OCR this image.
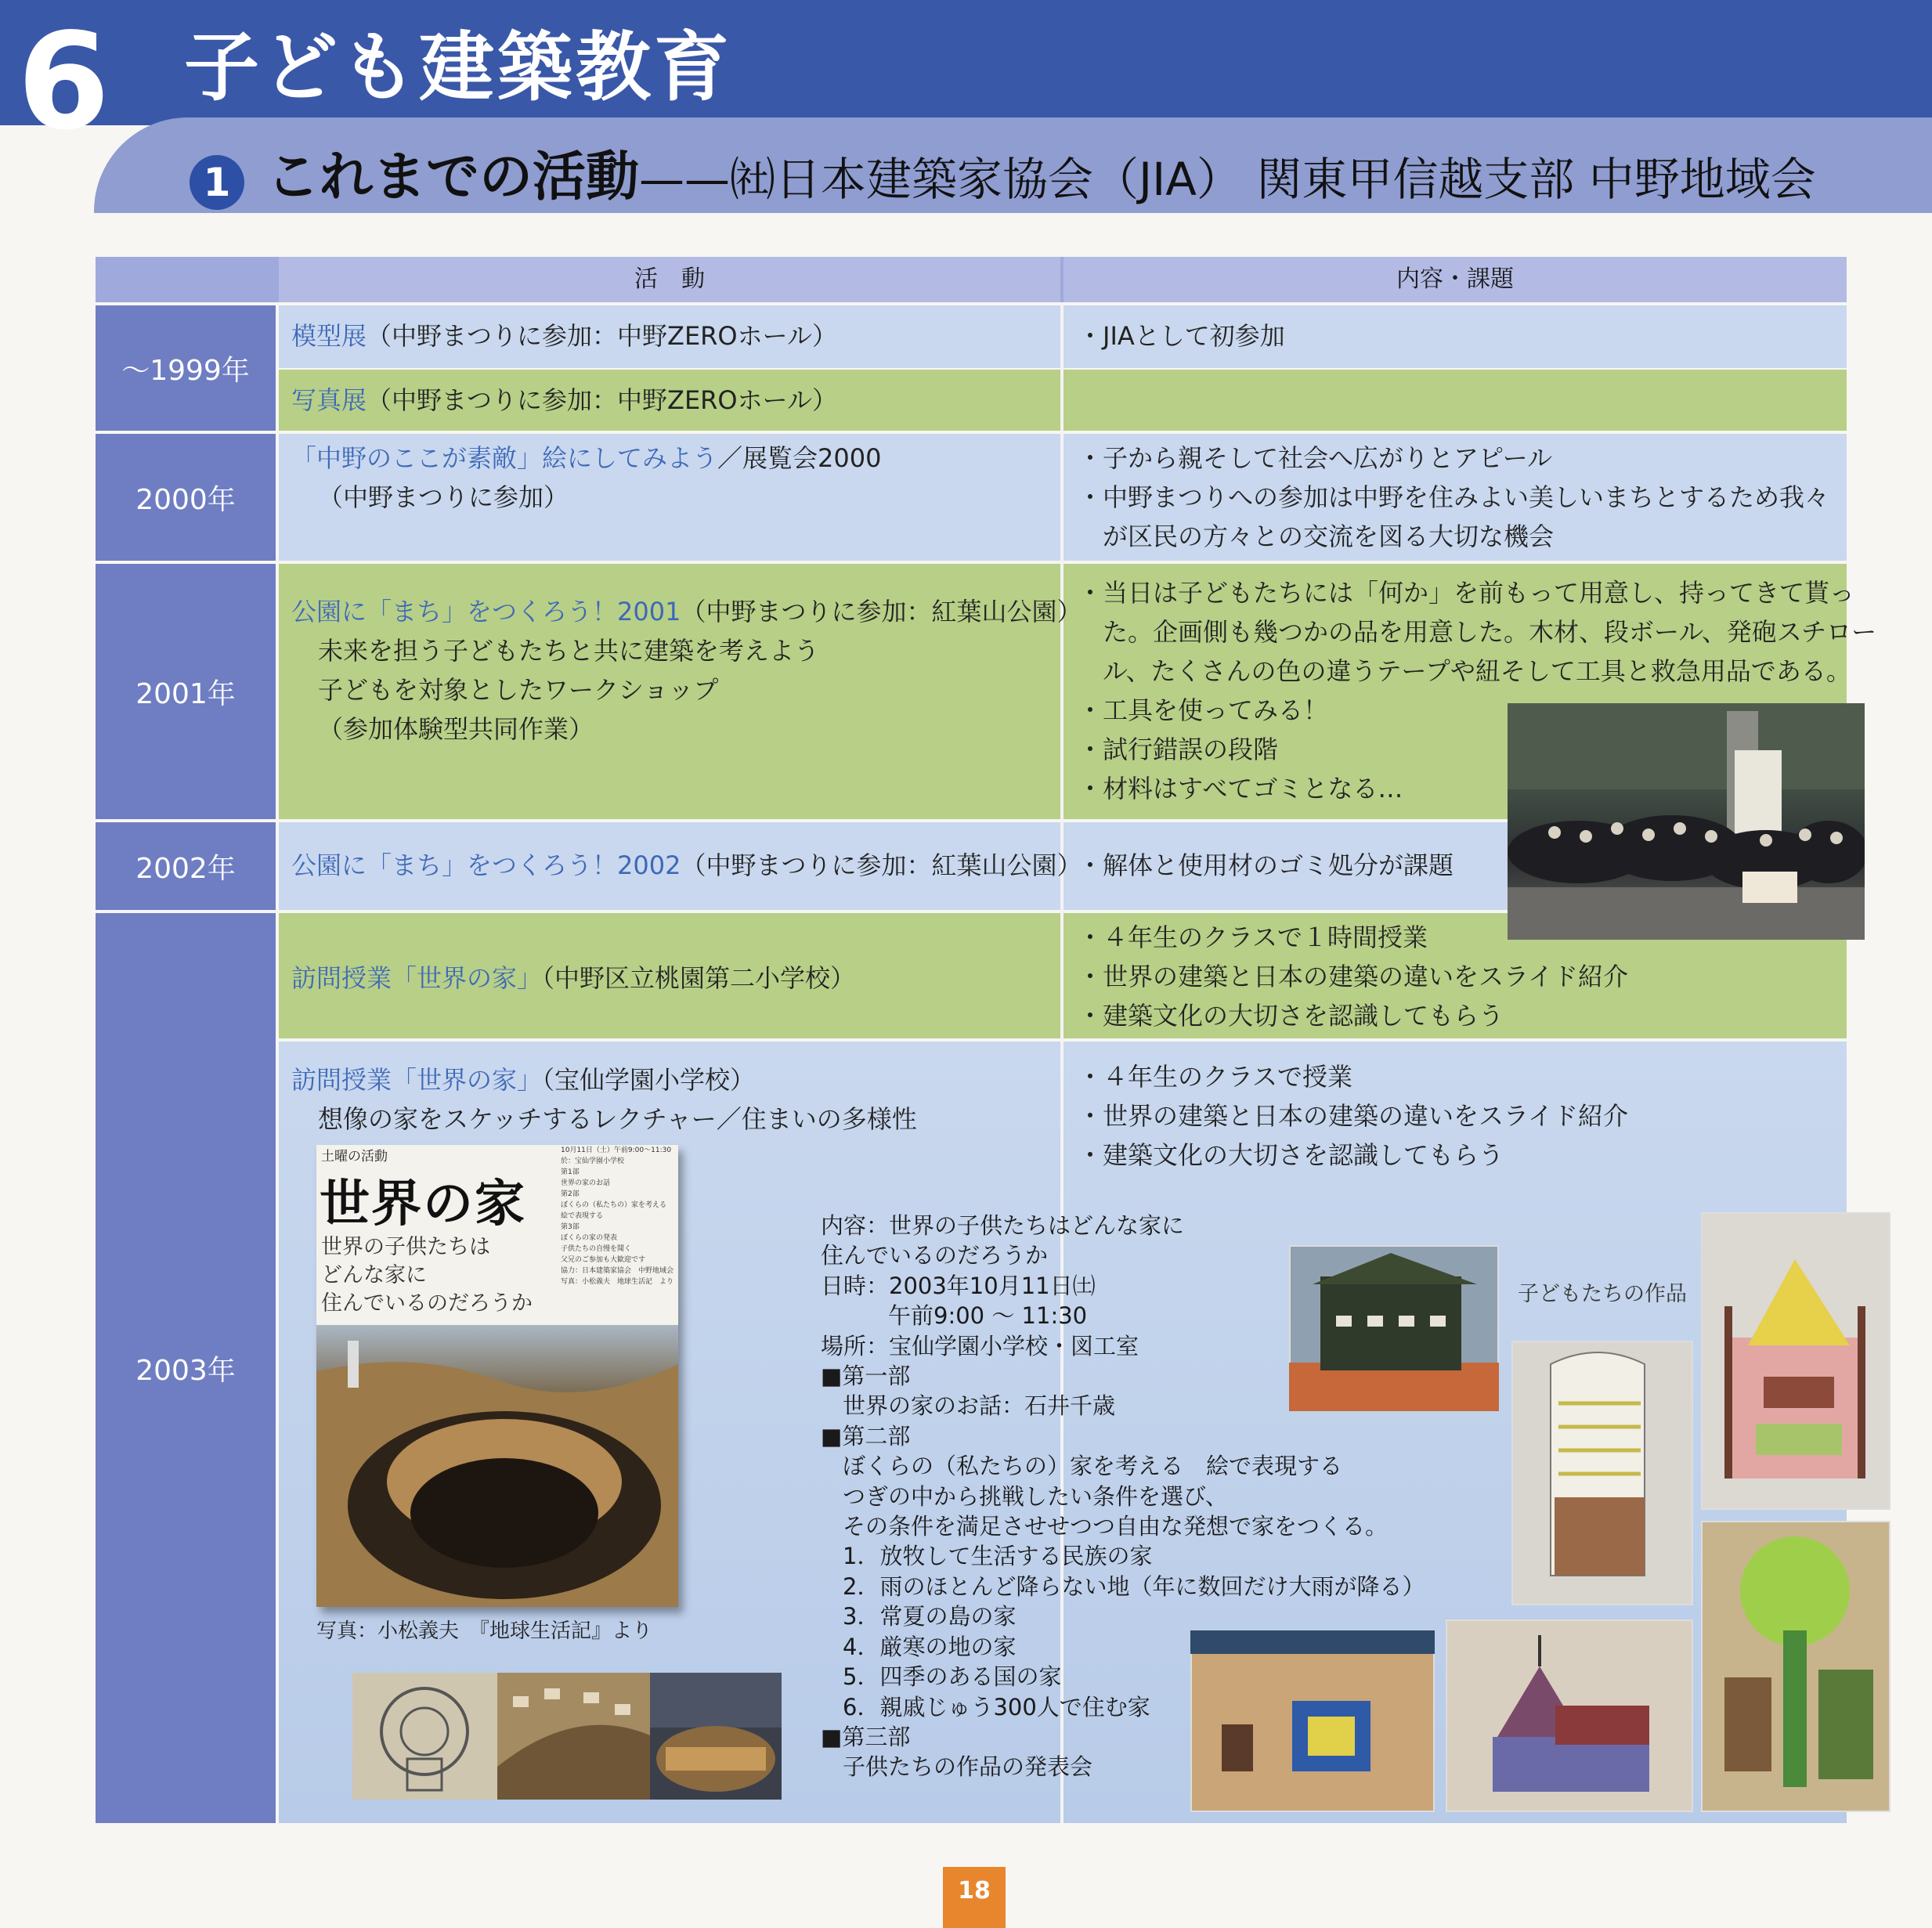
6 子ども建築教育
1 これまでの活動——㈳日本建築家協会（JIA） 関東甲信越支部 中野地域会
活　動	内容・課題
～1999年
2000年
2001年
2002年
2003年
模型展（中野まつりに参加：中野ZEROホール）
写真展（中野まつりに参加：中野ZEROホール）
・JIAとして初参加
「中野のここが素敵」絵にしてみよう／展覧会2000
（中野まつりに参加）
・子から親そして社会へ広がりとアピール
・中野まつりへの参加は中野を住みよい美しいまちとするため我々
　が区民の方々との交流を図る大切な機会
公園に「まち」をつくろう！2001（中野まつりに参加：紅葉山公園）
未来を担う子どもたちと共に建築を考えよう
子どもを対象としたワークショップ
（参加体験型共同作業）
・当日は子どもたちには「何か」を前もって用意し、持ってきて貰っ
　た。企画側も幾つかの品を用意した。木材、段ボール、発砲スチロー
　ル、たくさんの色の違うテープや紐そして工具と救急用品である。
・工具を使ってみる！
・試行錯誤の段階
・材料はすべてゴミとなる…
公園に「まち」をつくろう！2002（中野まつりに参加：紅葉山公園）
・解体と使用材のゴミ処分が課題
訪問授業「世界の家」（中野区立桃園第二小学校）
・４年生のクラスで１時間授業
・世界の建築と日本の建築の違いをスライド紹介
・建築文化の大切さを認識してもらう
訪問授業「世界の家」（宝仙学園小学校）
想像の家をスケッチするレクチャー／住まいの多様性
・４年生のクラスで授業
・世界の建築と日本の建築の違いをスライド紹介
・建築文化の大切さを認識してもらう
土曜の活動
世界の家
世界の子供たちは
どんな家に
住んでいるのだろうか
10月11日（土）午前9:00〜11:30
於：宝仙学園小学校
第1部
世界の家のお話
第2部
ぼくらの（私たちの）家を考える
絵で表現する
第3部
ぼくらの家の発表
子供たちの自慢を聞く
父兄のご参加も大歓迎です
協力：日本建築家協会　中野地域会
写真：小松義夫　地球生活記　より
写真：小松義夫　『地球生活記』より
内容：世界の子供たちはどんな家に
住んでいるのだろうか
日時：2003年10月11日㈯
午前9:00 ～ 11:30
場所：宝仙学園小学校・図工室
■ 第一部
世界の家のお話：石井千歳
■ 第二部
ぼくらの（私たちの）家を考える　絵で表現する
つぎの中から挑戦したい条件を選び、
その条件を満足させせつつ自由な発想で家をつくる。
1．放牧して生活する民族の家
2．雨のほとんど降らない地（年に数回だけ大雨が降る）
3．常夏の島の家
4．厳寒の地の家
5．四季のある国の家
6．親戚じゅう300人で住む家
■ 第三部
子供たちの作品の発表会
子どもたちの作品
18
